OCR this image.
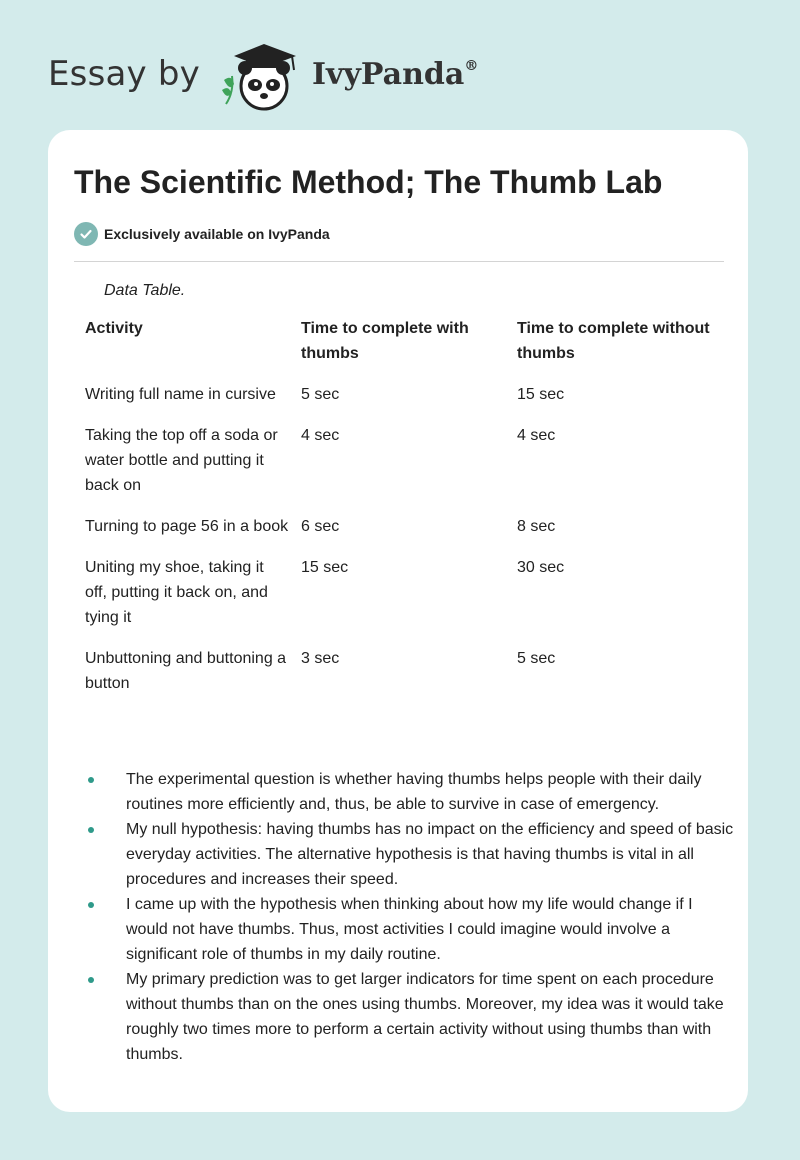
Essay by	IvyPanda®
The Scientific Method; The Thumb Lab
Exclusively available on IvyPanda
Data Table.
Activity	Time to complete with thumbs	Time to complete without thumbs
Writing full name in cursive	5 sec	15 sec
Taking the top off a soda or water bottle and putting it back on	4 sec	4 sec
Turning to page 56 in a book	6 sec	8 sec
Uniting my shoe, taking it off, putting it back on, and tying it	15 sec	30 sec
Unbuttoning and buttoning a button	3 sec	5 sec
The experimental question is whether having thumbs helps people with their daily routines more efficiently and, thus, be able to survive in case of emergency.
My null hypothesis: having thumbs has no impact on the efficiency and speed of basic everyday activities. The alternative hypothesis is that having thumbs is vital in all procedures and increases their speed.
I came up with the hypothesis when thinking about how my life would change if I would not have thumbs. Thus, most activities I could imagine would involve a significant role of thumbs in my daily routine.
My primary prediction was to get larger indicators for time spent on each procedure without thumbs than on the ones using thumbs. Moreover, my idea was it would take roughly two times more to perform a certain activity without using thumbs than with thumbs.
